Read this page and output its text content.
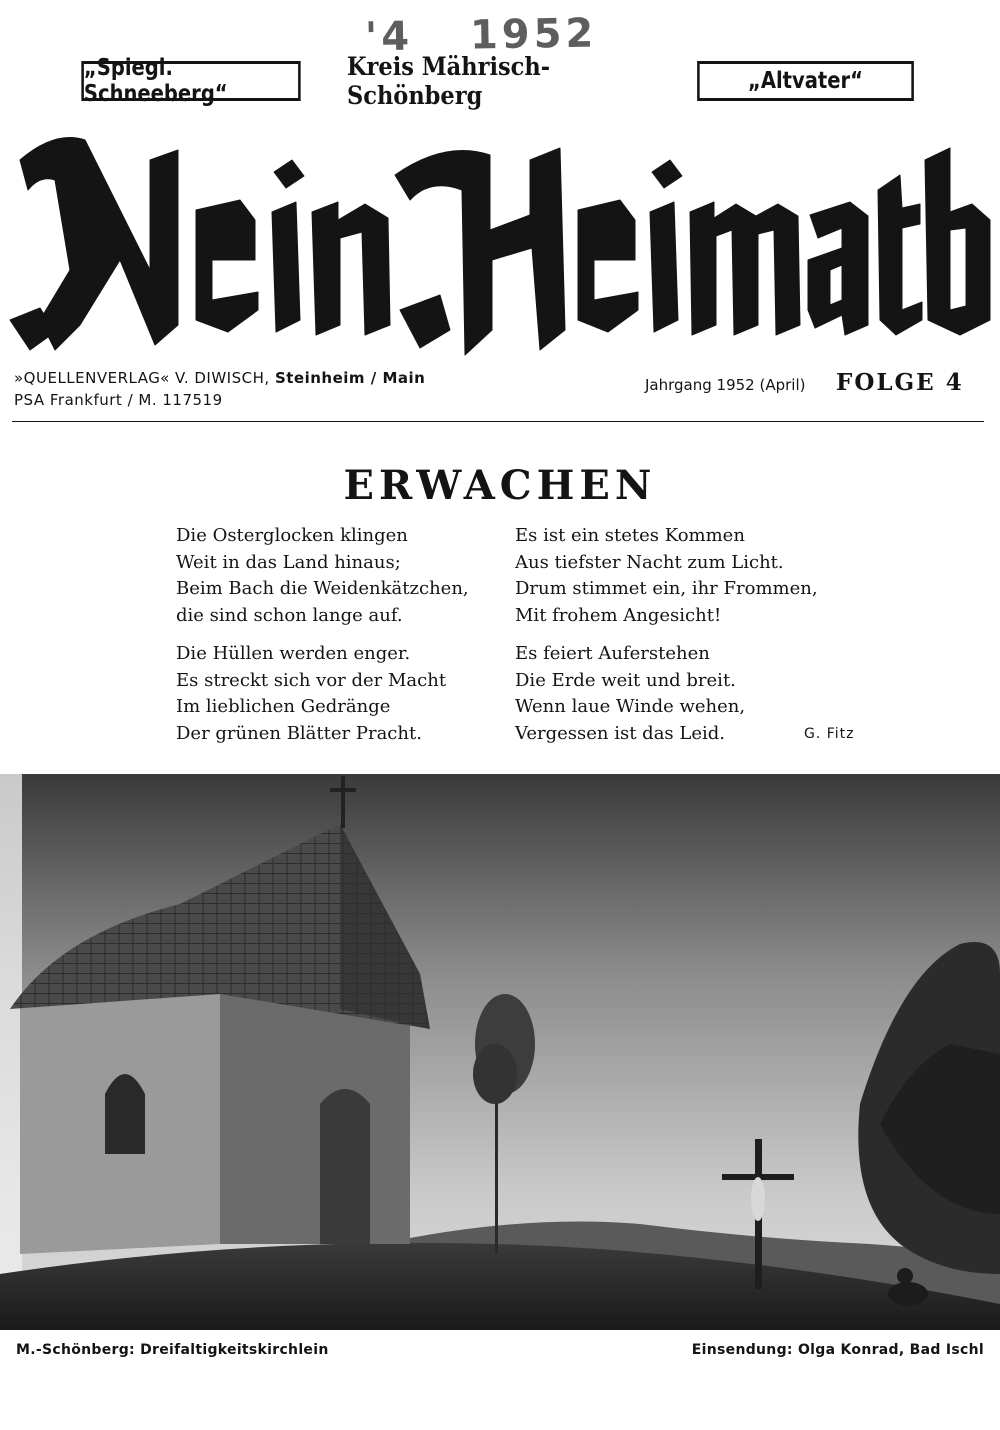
'4 1952
„Spiegl. Schneeberg“
Kreis Mährisch-Schönberg	„Altvater“
»QUELLENVERLAG« V. DIWISCH, Steinheim / Main
PSA Frankfurt / M. 117519
Jahrgang 1952 (April) FOLGE 4
ERWACHEN
Die Osterglocken klingen
Weit in das Land hinaus;
Beim Bach die Weidenkätzchen,
die sind schon lange auf.
Die Hüllen werden enger.
Es streckt sich vor der Macht
Im lieblichen Gedränge
Der grünen Blätter Pracht.
Es ist ein stetes Kommen
Aus tiefster Nacht zum Licht.
Drum stimmet ein, ihr Frommen,
Mit frohem Angesicht!
Es feiert Auferstehen
Die Erde weit und breit.
Wenn laue Winde wehen,
Vergessen ist das Leid.	G. Fitz
M.-Schönberg: Dreifaltigkeitskirchlein	Einsendung: Olga Konrad, Bad Ischl
